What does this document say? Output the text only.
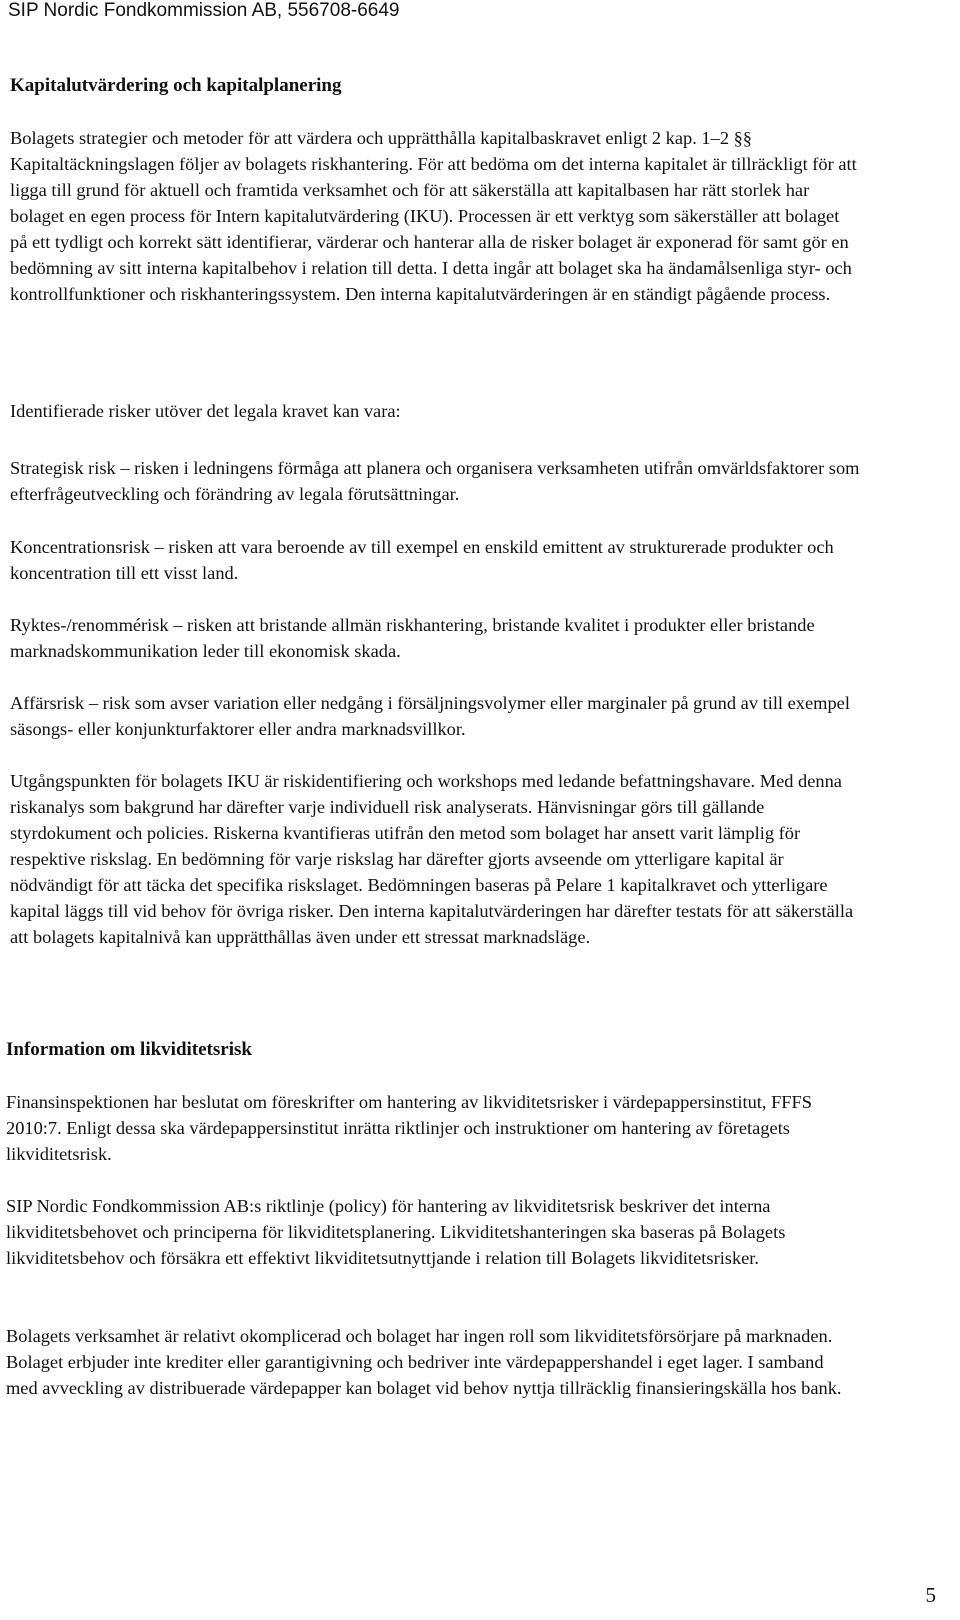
SIP Nordic Fondkommission AB, 556708-6649
Kapitalutvärdering och kapitalplanering
Bolagets strategier och metoder för att värdera och upprätthålla kapitalbaskravet enligt 2 kap. 1–2 §§ Kapitaltäckningslagen följer av bolagets riskhantering. För att bedöma om det interna kapitalet är tillräckligt för att ligga till grund för aktuell och framtida verksamhet och för att säkerställa att kapitalbasen har rätt storlek har bolaget en egen process för Intern kapitalutvärdering (IKU). Processen är ett verktyg som säkerställer att bolaget på ett tydligt och korrekt sätt identifierar, värderar och hanterar alla de risker bolaget är exponerad för samt gör en bedömning av sitt interna kapitalbehov i relation till detta. I detta ingår att bolaget ska ha ändamålsenliga styr- och kontrollfunktioner och riskhanteringssystem. Den interna kapitalutvärderingen är en ständigt pågående process.
Identifierade risker utöver det legala kravet kan vara:
Strategisk risk – risken i ledningens förmåga att planera och organisera verksamheten utifrån omvärldsfaktorer som efterfrågeutveckling och förändring av legala förutsättningar.
Koncentrationsrisk – risken att vara beroende av till exempel en enskild emittent av strukturerade produkter och koncentration till ett visst land.
Ryktes-/renommérisk – risken att bristande allmän riskhantering, bristande kvalitet i produkter eller bristande marknadskommunikation leder till ekonomisk skada.
Affärsrisk – risk som avser variation eller nedgång i försäljningsvolymer eller marginaler på grund av till exempel säsongs- eller konjunkturfaktorer eller andra marknadsvillkor.
Utgångspunkten för bolagets IKU är riskidentifiering och workshops med ledande befattningshavare. Med denna riskanalys som bakgrund har därefter varje individuell risk analyserats. Hänvisningar görs till gällande styrdokument och policies. Riskerna kvantifieras utifrån den metod som bolaget har ansett varit lämplig för respektive riskslag. En bedömning för varje riskslag har därefter gjorts avseende om ytterligare kapital är nödvändigt för att täcka det specifika riskslaget. Bedömningen baseras på Pelare 1 kapitalkravet och ytterligare kapital läggs till vid behov för övriga risker. Den interna kapitalutvärderingen har därefter testats för att säkerställa att bolagets kapitalnivå kan upprätthållas även under ett stressat marknadsläge.
Information om likviditetsrisk
Finansinspektionen har beslutat om föreskrifter om hantering av likviditetsrisker i värdepappersinstitut, FFFS 2010:7. Enligt dessa ska värdepappersinstitut inrätta riktlinjer och instruktioner om hantering av företagets likviditetsrisk.
SIP Nordic Fondkommission AB:s riktlinje (policy) för hantering av likviditetsrisk beskriver det interna likviditetsbehovet och principerna för likviditetsplanering. Likviditetshanteringen ska baseras på Bolagets likviditetsbehov och försäkra ett effektivt likviditetsutnyttjande i relation till Bolagets likviditetsrisker.
Bolagets verksamhet är relativt okomplicerad och bolaget har ingen roll som likviditetsförsörjare på marknaden. Bolaget erbjuder inte krediter eller garantigivning och bedriver inte värdepappershandel i eget lager. I samband med avveckling av distribuerade värdepapper kan bolaget vid behov nyttja tillräcklig finansieringskälla hos bank.
5
